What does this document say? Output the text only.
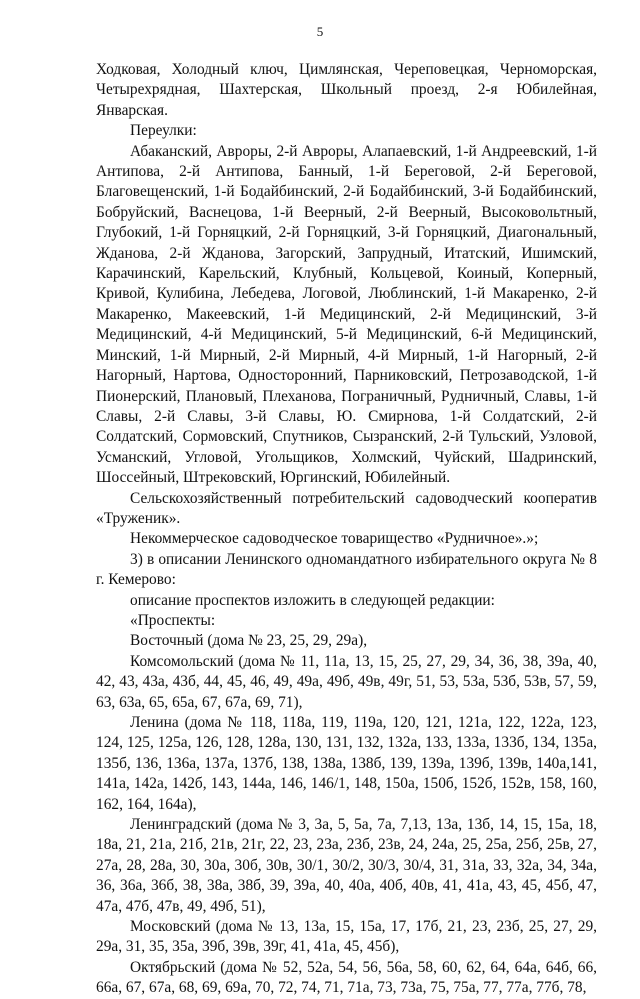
5

Ходковая, Холодный ключ, Цимлянская, Череповецкая, Черноморская, Четырехрядная, Шахтерская, Школьный проезд, 2-я Юбилейная, Январская.

Переулки:

Абаканский, Авроры, 2-й Авроры, Алапаевский, 1-й Андреевский, 1-й Антипова, 2-й Антипова, Банный, 1-й Береговой, 2-й Береговой, Благовещенский, 1-й Бодайбинский, 2-й Бодайбинский, 3-й Бодайбинский, Бобруйский, Васнецова, 1-й Веерный, 2-й Веерный, Высоковольтный, Глубокий, 1-й Горняцкий, 2-й Горняцкий, 3-й Горняцкий, Диагональный, Жданова, 2-й Жданова, Загорский, Запрудный, Итатский, Ишимский, Карачинский, Карельский, Клубный, Кольцевой, Коиный, Коперный, Кривой, Кулибина, Лебедева, Логовой, Люблинский, 1-й Макаренко, 2-й Макаренко, Макеевский, 1-й Медицинский, 2-й Медицинский, 3-й Медицинский, 4-й Медицинский, 5-й Медицинский, 6-й Медицинский, Минский, 1-й Мирный, 2-й Мирный, 4-й Мирный, 1-й Нагорный, 2-й Нагорный, Нартова, Односторонний, Парниковский, Петрозаводской, 1-й Пионерский, Плановый, Плеханова, Пограничный, Рудничный, Славы, 1-й Славы, 2-й Славы, 3-й Славы, Ю. Смирнова, 1-й Солдатский, 2-й Солдатский, Сормовский, Спутников, Сызранский, 2-й Тульский, Узловой, Усманский, Угловой, Угольщиков, Холмский, Чуйский, Шадринский, Шоссейный, Штрековский, Юргинский, Юбилейный.

Сельскохозяйственный потребительский садоводческий кооператив «Труженик».

Некоммерческое садоводческое товарищество «Рудничное».»;

3) в описании Ленинского одномандатного избирательного округа № 8 г. Кемерово:

описание проспектов изложить в следующей редакции:

«Проспекты:

Восточный (дома № 23, 25, 29, 29а),

Комсомольский (дома № 11, 11а, 13, 15, 25, 27, 29, 34, 36, 38, 39а, 40, 42, 43, 43а, 43б, 44, 45, 46, 49, 49а, 49б, 49в, 49г, 51, 53, 53а, 53б, 53в, 57, 59, 63, 63а, 65, 65а, 67, 67а, 69, 71),

Ленина (дома № 118, 118а, 119, 119а, 120, 121, 121а, 122, 122а, 123, 124, 125, 125а, 126, 128, 128а, 130, 131, 132, 132а, 133, 133а, 133б, 134, 135а, 135б, 136, 136а, 137а, 137б, 138, 138а, 138б, 139, 139а, 139б, 139в, 140а,141, 141а, 142а, 142б, 143, 144а, 146, 146/1, 148, 150а, 150б, 152б, 152в, 158, 160, 162, 164, 164а),

Ленинградский (дома № 3, 3а, 5, 5а, 7а, 7,13, 13а, 13б, 14, 15, 15а, 18, 18а, 21, 21а, 21б, 21в, 21г, 22, 23, 23а, 23б, 23в, 24, 24а, 25, 25а, 25б, 25в, 27, 27а, 28, 28а, 30, 30а, 30б, 30в, 30/1, 30/2, 30/3, 30/4, 31, 31а, 33, 32а, 34, 34а, 36, 36а, 36б, 38, 38а, 38б, 39, 39а, 40, 40а, 40б, 40в, 41, 41а, 43, 45, 45б, 47, 47а, 47б, 47в, 49, 49б, 51),

Московский (дома № 13, 13а, 15, 15а, 17, 17б, 21, 23, 23б, 25, 27, 29, 29а, 31, 35, 35а, 39б, 39в, 39г, 41, 41а, 45, 45б),

Октябрьский (дома № 52, 52а, 54, 56, 56а, 58, 60, 62, 64, 64а, 64б, 66, 66а, 67, 67а, 68, 69, 69а, 70, 72, 74, 71, 71а, 73, 73а, 75, 75а, 77, 77а, 77б, 78,
